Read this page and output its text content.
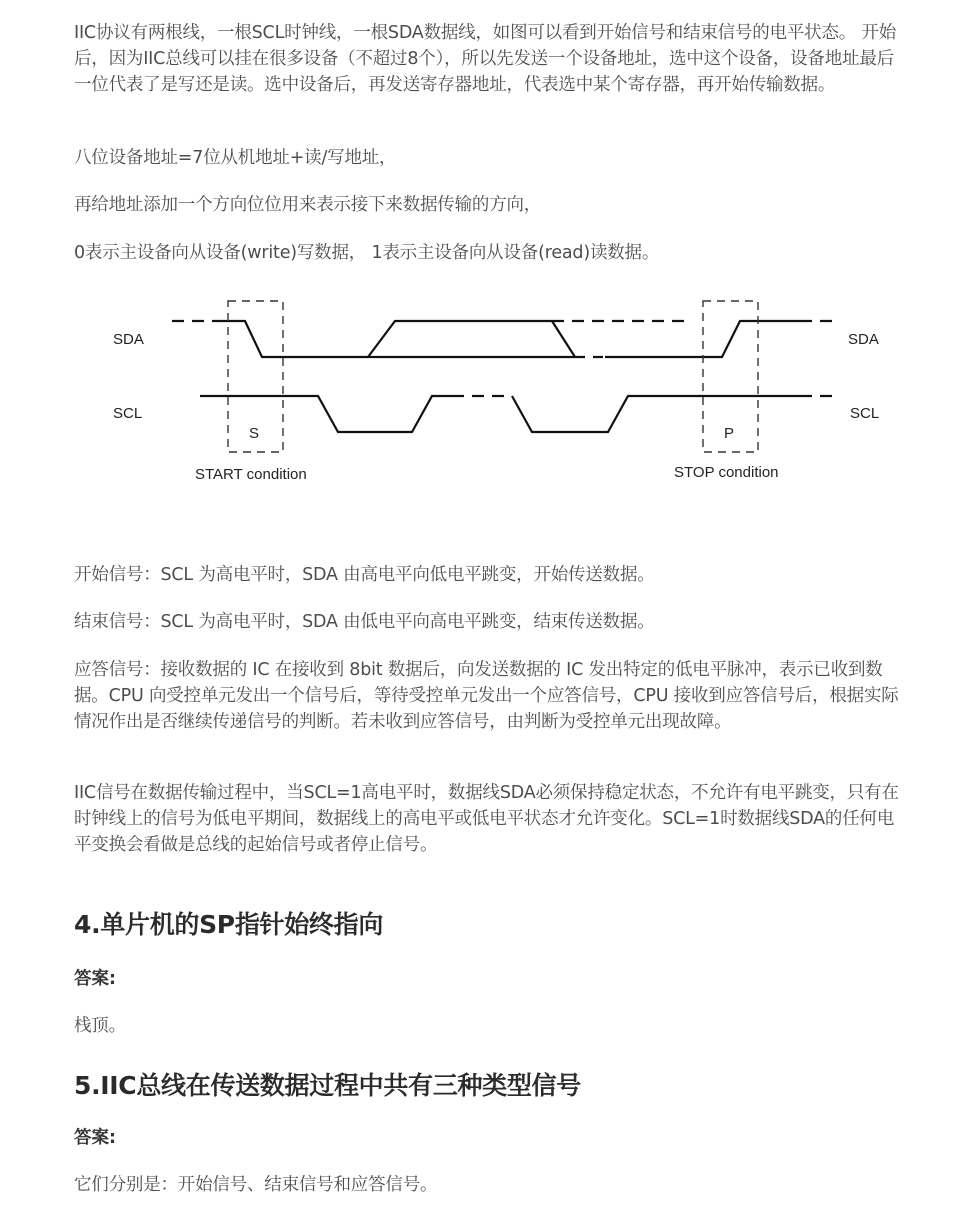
IIC协议有两根线，一根SCL时钟线，一根SDA数据线，如图可以看到开始信号和结束信号的电平状态。 开始后，因为IIC总线可以挂在很多设备（不超过8个），所以先发送一个设备地址，选中这个设备，设备地址最后一位代表了是写还是读。选中设备后，再发送寄存器地址，代表选中某个寄存器，再开始传输数据。

八位设备地址=7位从机地址+读/写地址，

再给地址添加一个方向位位用来表示接下来数据传输的方向，

0表示主设备向从设备(write)写数据， 1表示主设备向从设备(read)读数据。

SDA	SDA
SCL	SCL
S	P
START condition	STOP condition

开始信号：SCL 为高电平时，SDA 由高电平向低电平跳变，开始传送数据。

结束信号：SCL 为高电平时，SDA 由低电平向高电平跳变，结束传送数据。

应答信号：接收数据的 IC 在接收到 8bit 数据后，向发送数据的 IC 发出特定的低电平脉冲，表示已收到数据。CPU 向受控单元发出一个信号后，等待受控单元发出一个应答信号，CPU 接收到应答信号后，根据实际情况作出是否继续传递信号的判断。若未收到应答信号，由判断为受控单元出现故障。

IIC信号在数据传输过程中，当SCL=1高电平时，数据线SDA必须保持稳定状态，不允许有电平跳变，只有在时钟线上的信号为低电平期间，数据线上的高电平或低电平状态才允许变化。SCL=1时数据线SDA的任何电平变换会看做是总线的起始信号或者停止信号。

4.单片机的SP指针始终指向
答案:

栈顶。

5.IIC总线在传送数据过程中共有三种类型信号
答案:

它们分别是：开始信号、结束信号和应答信号。
